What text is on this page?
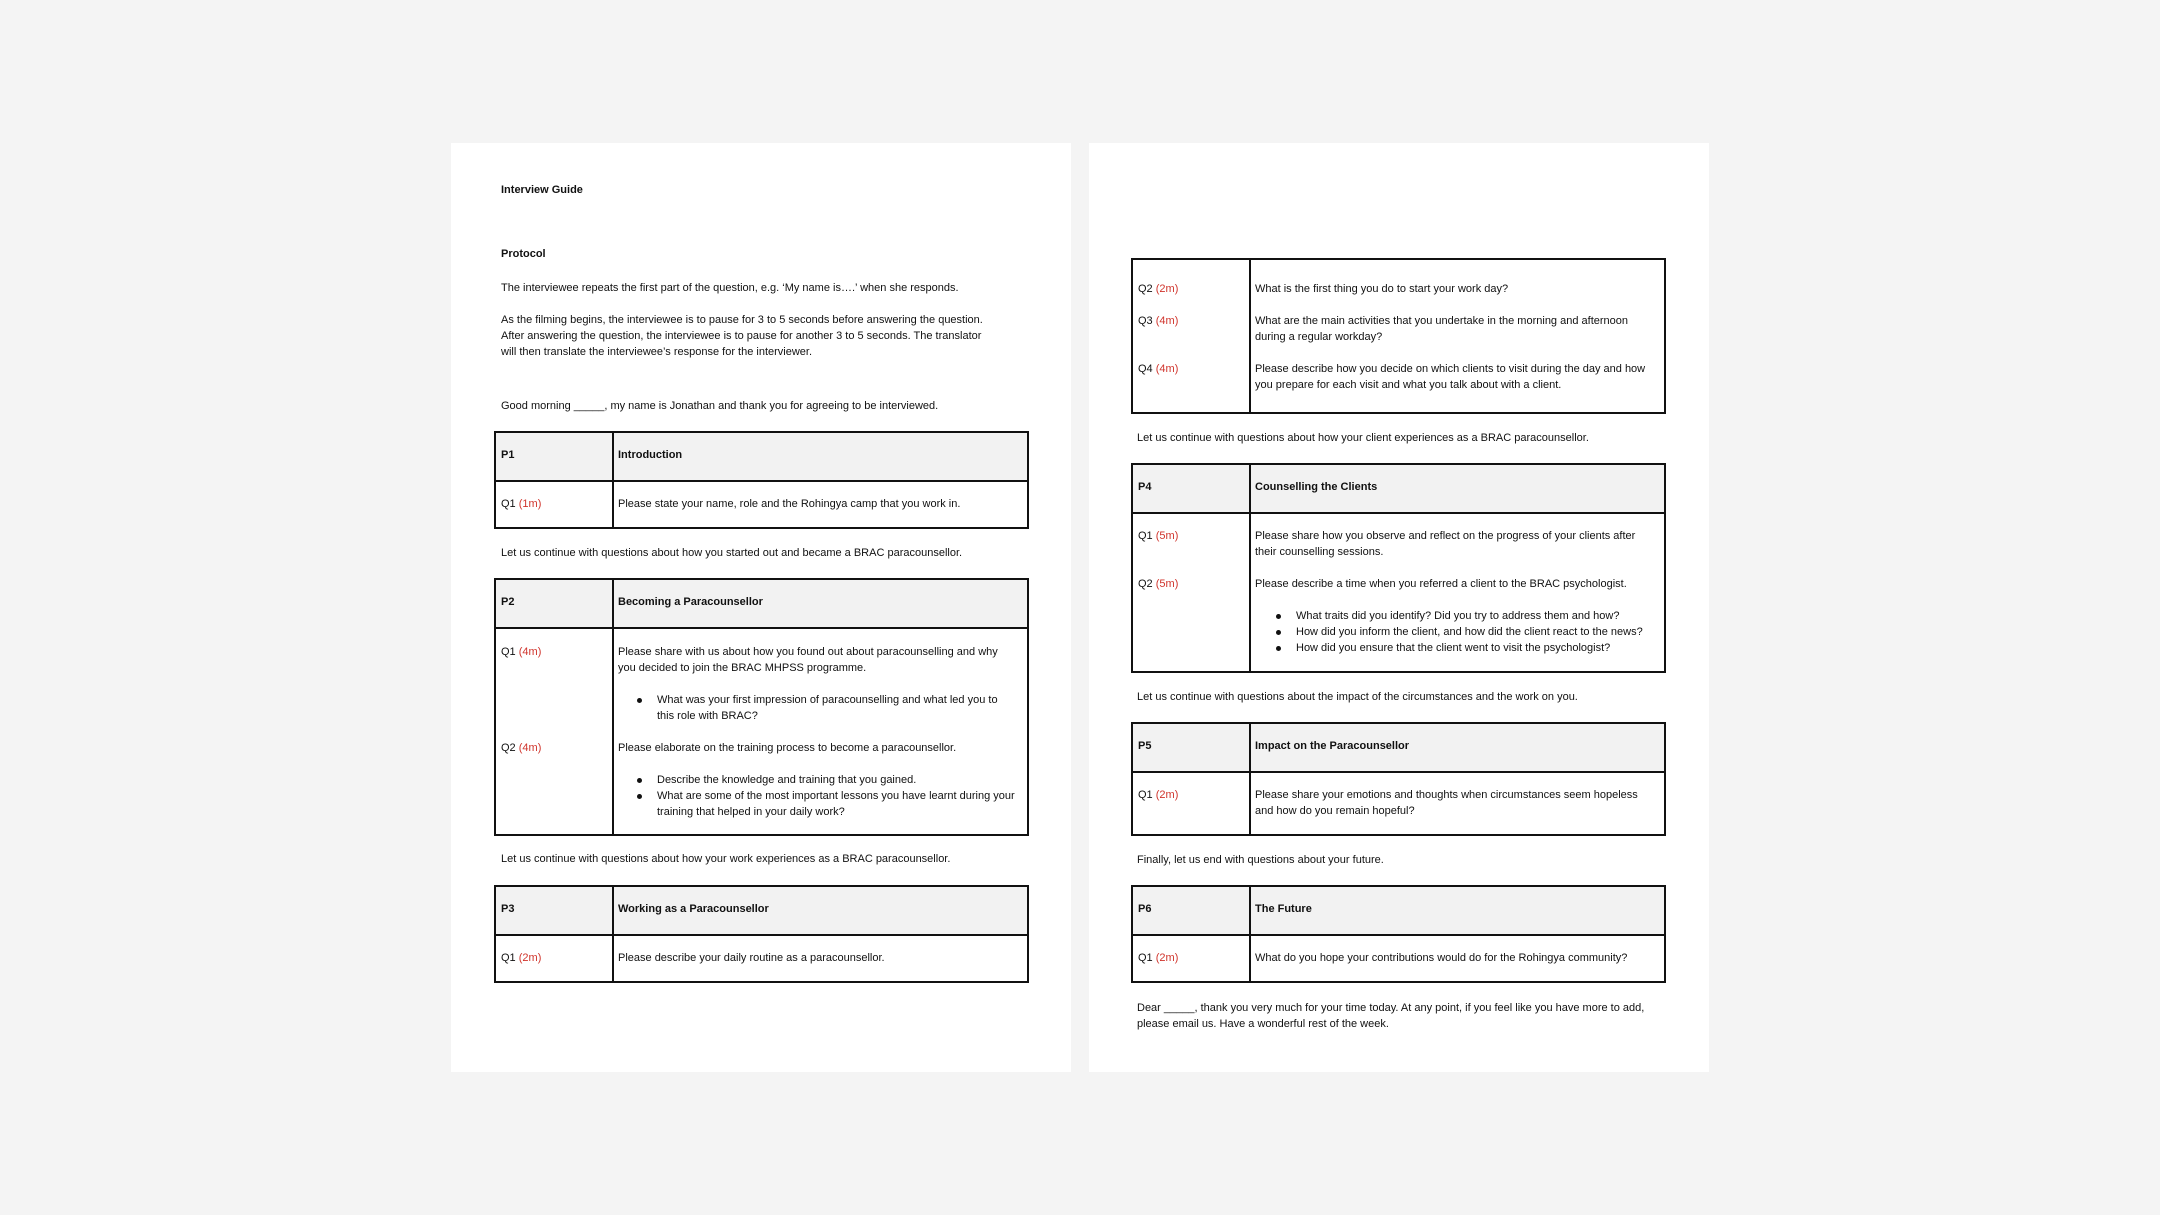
Interview Guide
Protocol
The interviewee repeats the first part of the question, e.g. ‘My name is….’ when she responds.
As the filming begins, the interviewee is to pause for 3 to 5 seconds before answering the question.
After answering the question, the interviewee is to pause for another 3 to 5 seconds. The translator
will then translate the interviewee’s response for the interviewer.
Good morning _____, my name is Jonathan and thank you for agreeing to be interviewed.
P1	Introduction
Q1 (1m)	Please state your name, role and the Rohingya camp that you work in.
Let us continue with questions about how you started out and became a BRAC paracounsellor.
P2	Becoming a Paracounsellor
Q1 (4m)	Please share with us about how you found out about paracounselling and why
you decided to join the BRAC MHPSS programme.
What was your first impression of paracounselling and what led you to
this role with BRAC?
Q2 (4m)	Please elaborate on the training process to become a paracounsellor.
Describe the knowledge and training that you gained.
What are some of the most important lessons you have learnt during your
training that helped in your daily work?
Let us continue with questions about how your work experiences as a BRAC paracounsellor.
P3	Working as a Paracounsellor
Q1 (2m)	Please describe your daily routine as a paracounsellor.
Q2 (2m)	What is the first thing you do to start your work day?
Q3 (4m)	What are the main activities that you undertake in the morning and afternoon
during a regular workday?
Q4 (4m)	Please describe how you decide on which clients to visit during the day and how
you prepare for each visit and what you talk about with a client.
Let us continue with questions about how your client experiences as a BRAC paracounsellor.
P4	Counselling the Clients
Q1 (5m)	Please share how you observe and reflect on the progress of your clients after
their counselling sessions.
Q2 (5m)	Please describe a time when you referred a client to the BRAC psychologist.
What traits did you identify? Did you try to address them and how?
How did you inform the client, and how did the client react to the news?
How did you ensure that the client went to visit the psychologist?
Let us continue with questions about the impact of the circumstances and the work on you.
P5	Impact on the Paracounsellor
Q1 (2m)	Please share your emotions and thoughts when circumstances seem hopeless
and how do you remain hopeful?
Finally, let us end with questions about your future.
P6	The Future
Q1 (2m)	What do you hope your contributions would do for the Rohingya community?
Dear _____, thank you very much for your time today. At any point, if you feel like you have more to add,
please email us. Have a wonderful rest of the week.
